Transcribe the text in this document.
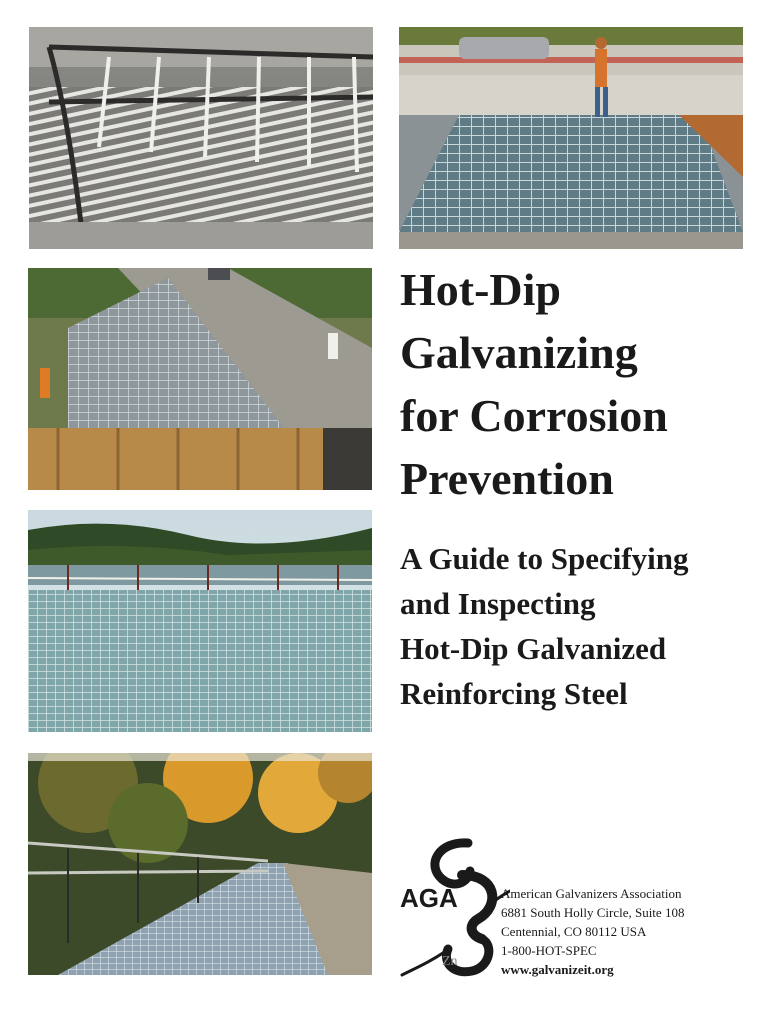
Hot-Dip
Galvanizing
for Corrosion
Prevention
A Guide to Specifying
and Inspecting
Hot-Dip Galvanized
Reinforcing Steel
AGA
Zn
American Galvanizers Association
6881 South Holly Circle, Suite 108
Centennial, CO 80112 USA
1-800-HOT-SPEC
www.galvanizeit.org
